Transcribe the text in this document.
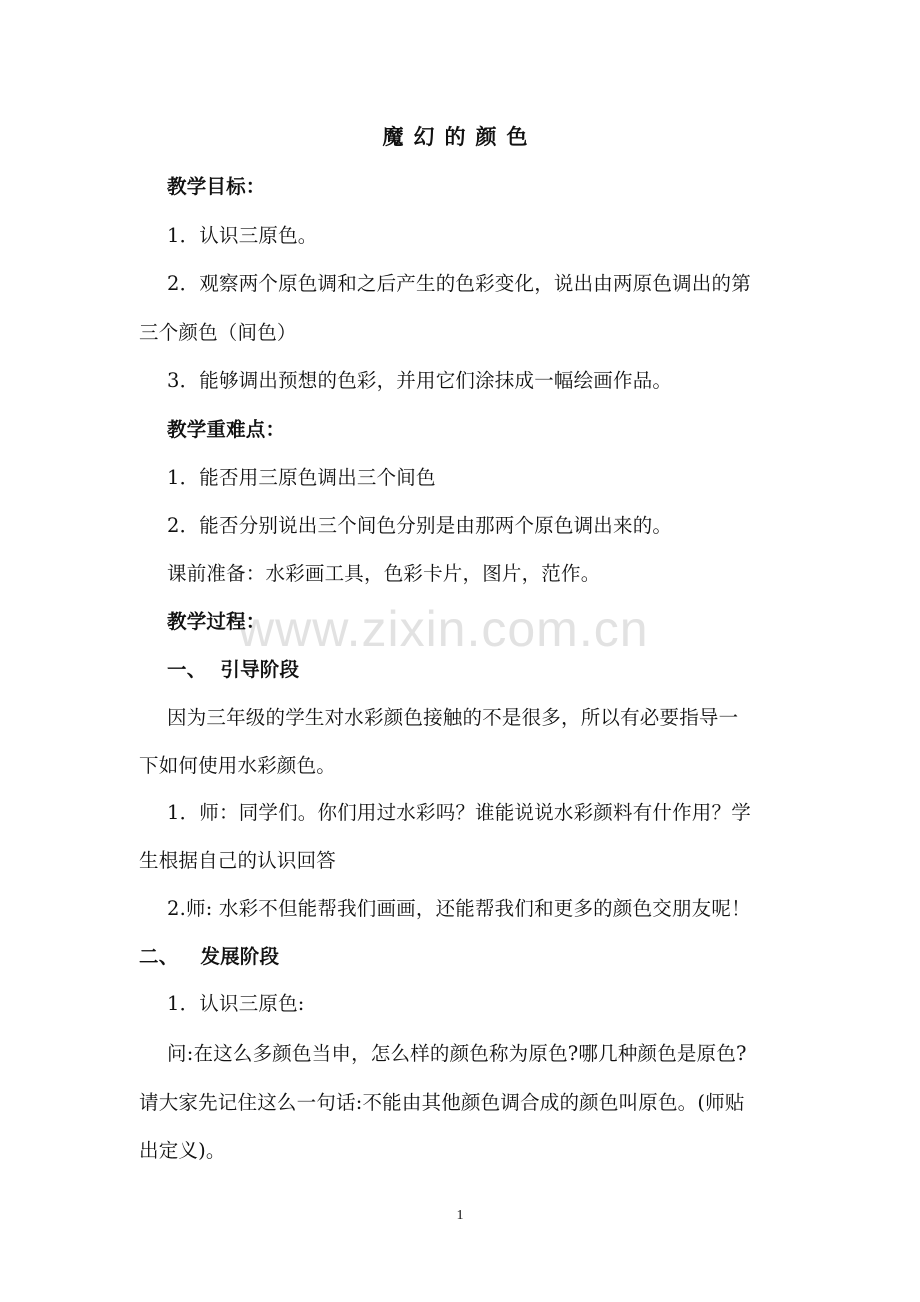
www.zixin.com.cn
魔幻的颜色
教学目标：
1．认识三原色。
2．观察两个原色调和之后产生的色彩变化，说出由两原色调出的第
三个颜色（间色）
3．能够调出预想的色彩，并用它们涂抹成一幅绘画作品。
教学重难点：
1．能否用三原色调出三个间色
2．能否分别说出三个间色分别是由那两个原色调出来的。
课前准备：水彩画工具，色彩卡片，图片，范作。
教学过程：
一、 引导阶段
因为三年级的学生对水彩颜色接触的不是很多，所以有必要指导一
下如何使用水彩颜色。
1．师：同学们。你们用过水彩吗？谁能说说水彩颜料有什作用？学
生根据自己的认识回答
2.师: 水彩不但能帮我们画画，还能帮我们和更多的颜色交朋友呢！
二、 发展阶段
1．认识三原色:
问:在这么多颜色当申，怎么样的颜色称为原色?哪几种颜色是原色?
请大家先记住这么一句话:不能由其他颜色调合成的颜色叫原色。(师贴
出定义)。
1
